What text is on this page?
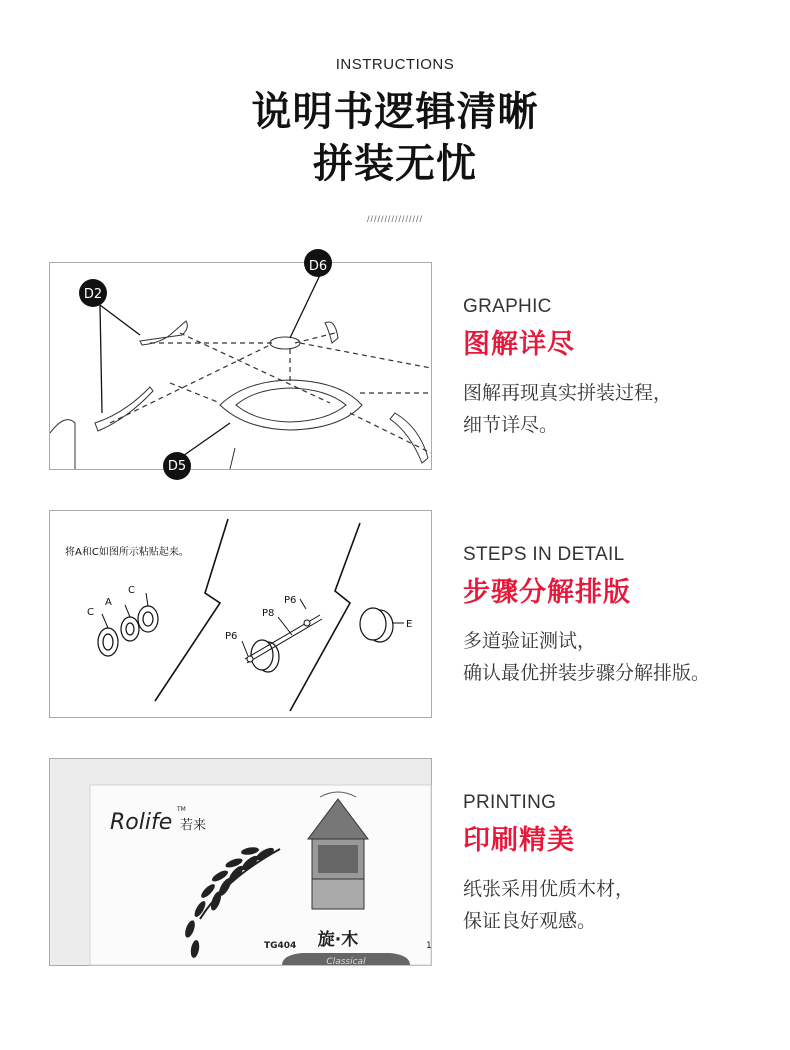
INSTRUCTIONS
说明书逻辑清晰
拼装无忧
////////////////
D2
D6
D5
将A和C如图所示粘贴起来。
C
A
C
P8
P6
P6
E
Rolife
TM
若来
旋·木
TG404	1
Classical
GRAPHIC
图解详尽
图解再现真实拼装过程，
细节详尽。
STEPS IN DETAIL
步骤分解排版
多道验证测试，
确认最优拼装步骤分解排版。
PRINTING
印刷精美
纸张采用优质木材，
保证良好观感。
